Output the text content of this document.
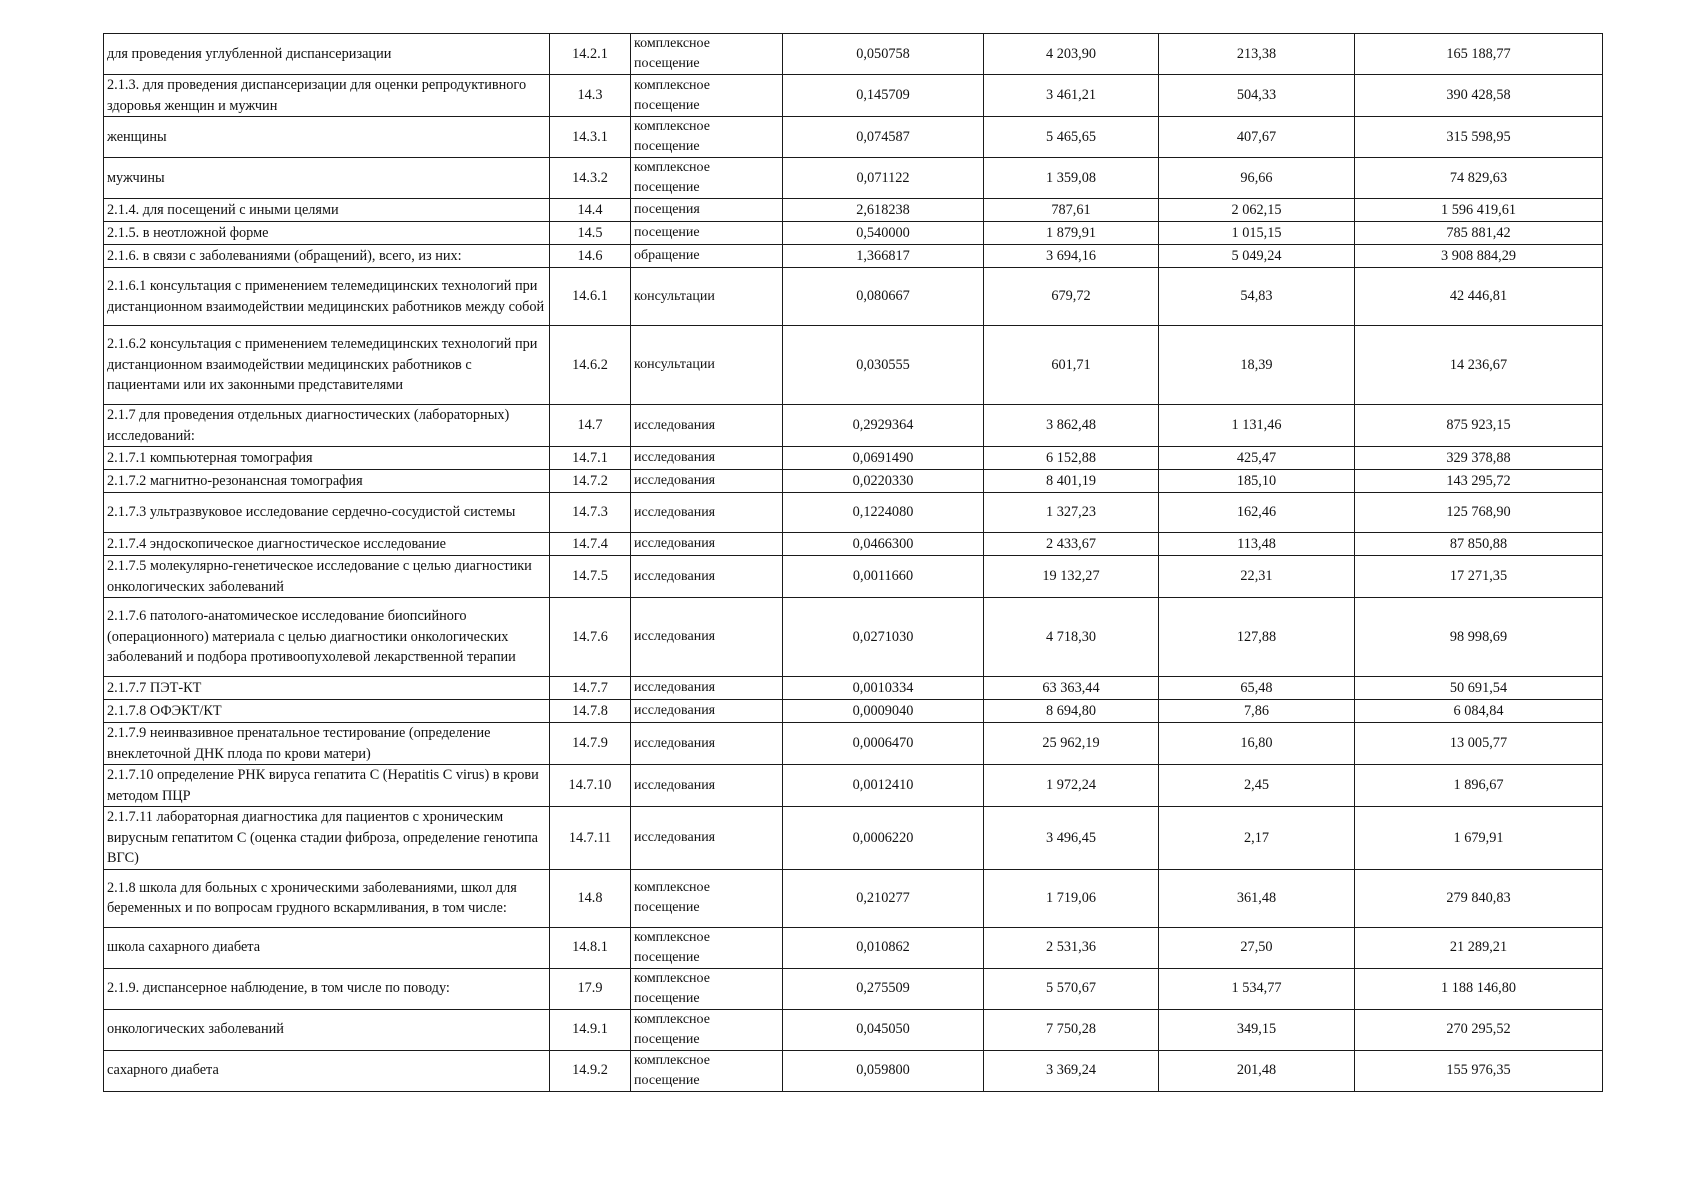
для проведения углубленной диспансеризации	14.2.1	комплексное посещение	0,050758	4 203,90	213,38	165 188,77
2.1.3. для проведения диспансеризации для оценки репродуктивного здоровья женщин и мужчин	14.3	комплексное посещение	0,145709	3 461,21	504,33	390 428,58
женщины	14.3.1	комплексное посещение	0,074587	5 465,65	407,67	315 598,95
мужчины	14.3.2	комплексное посещение	0,071122	1 359,08	96,66	74 829,63
2.1.4. для посещений с иными целями	14.4	посещения	2,618238	787,61	2 062,15	1 596 419,61
2.1.5. в неотложной форме	14.5	посещение	0,540000	1 879,91	1 015,15	785 881,42
2.1.6. в связи с заболеваниями (обращений), всего, из них:	14.6	обращение	1,366817	3 694,16	5 049,24	3 908 884,29
2.1.6.1 консультация с применением телемедицинских технологий при дистанционном взаимодействии медицинских работников между собой	14.6.1	консультации	0,080667	679,72	54,83	42 446,81
2.1.6.2 консультация с применением телемедицинских технологий при дистанционном взаимодействии медицинских работников с пациентами или их законными представителями	14.6.2	консультации	0,030555	601,71	18,39	14 236,67
2.1.7 для проведения отдельных диагностических (лабораторных) исследований:	14.7	исследования	0,2929364	3 862,48	1 131,46	875 923,15
2.1.7.1 компьютерная томография	14.7.1	исследования	0,0691490	6 152,88	425,47	329 378,88
2.1.7.2 магнитно-резонансная томография	14.7.2	исследования	0,0220330	8 401,19	185,10	143 295,72
2.1.7.3 ультразвуковое исследование сердечно-сосудистой системы	14.7.3	исследования	0,1224080	1 327,23	162,46	125 768,90
2.1.7.4 эндоскопическое диагностическое исследование	14.7.4	исследования	0,0466300	2 433,67	113,48	87 850,88
2.1.7.5 молекулярно-генетическое исследование с целью диагностики онкологических заболеваний	14.7.5	исследования	0,0011660	19 132,27	22,31	17 271,35
2.1.7.6 патолого-анатомическое исследование биопсийного (операционного) материала с целью диагностики онкологических заболеваний и подбора противоопухолевой лекарственной терапии	14.7.6	исследования	0,0271030	4 718,30	127,88	98 998,69
2.1.7.7 ПЭТ-КТ	14.7.7	исследования	0,0010334	63 363,44	65,48	50 691,54
2.1.7.8 ОФЭКТ/КТ	14.7.8	исследования	0,0009040	8 694,80	7,86	6 084,84
2.1.7.9 неинвазивное пренатальное тестирование (определение внеклеточной ДНК плода по крови матери)	14.7.9	исследования	0,0006470	25 962,19	16,80	13 005,77
2.1.7.10 определение РНК вируса гепатита С (Hepatitis C virus) в крови методом ПЦР	14.7.10	исследования	0,0012410	1 972,24	2,45	1 896,67
2.1.7.11 лабораторная диагностика для пациентов с хроническим вирусным гепатитом С (оценка стадии фиброза, определение генотипа ВГС)	14.7.11	исследования	0,0006220	3 496,45	2,17	1 679,91
2.1.8 школа для больных с хроническими заболеваниями, школ для беременных и по вопросам грудного вскармливания, в том числе:	14.8	комплексное посещение	0,210277	1 719,06	361,48	279 840,83
школа сахарного диабета	14.8.1	комплексное посещение	0,010862	2 531,36	27,50	21 289,21
2.1.9. диспансерное наблюдение, в том числе по поводу:	17.9	комплексное посещение	0,275509	5 570,67	1 534,77	1 188 146,80
онкологических заболеваний	14.9.1	комплексное посещение	0,045050	7 750,28	349,15	270 295,52
сахарного диабета	14.9.2	комплексное посещение	0,059800	3 369,24	201,48	155 976,35
